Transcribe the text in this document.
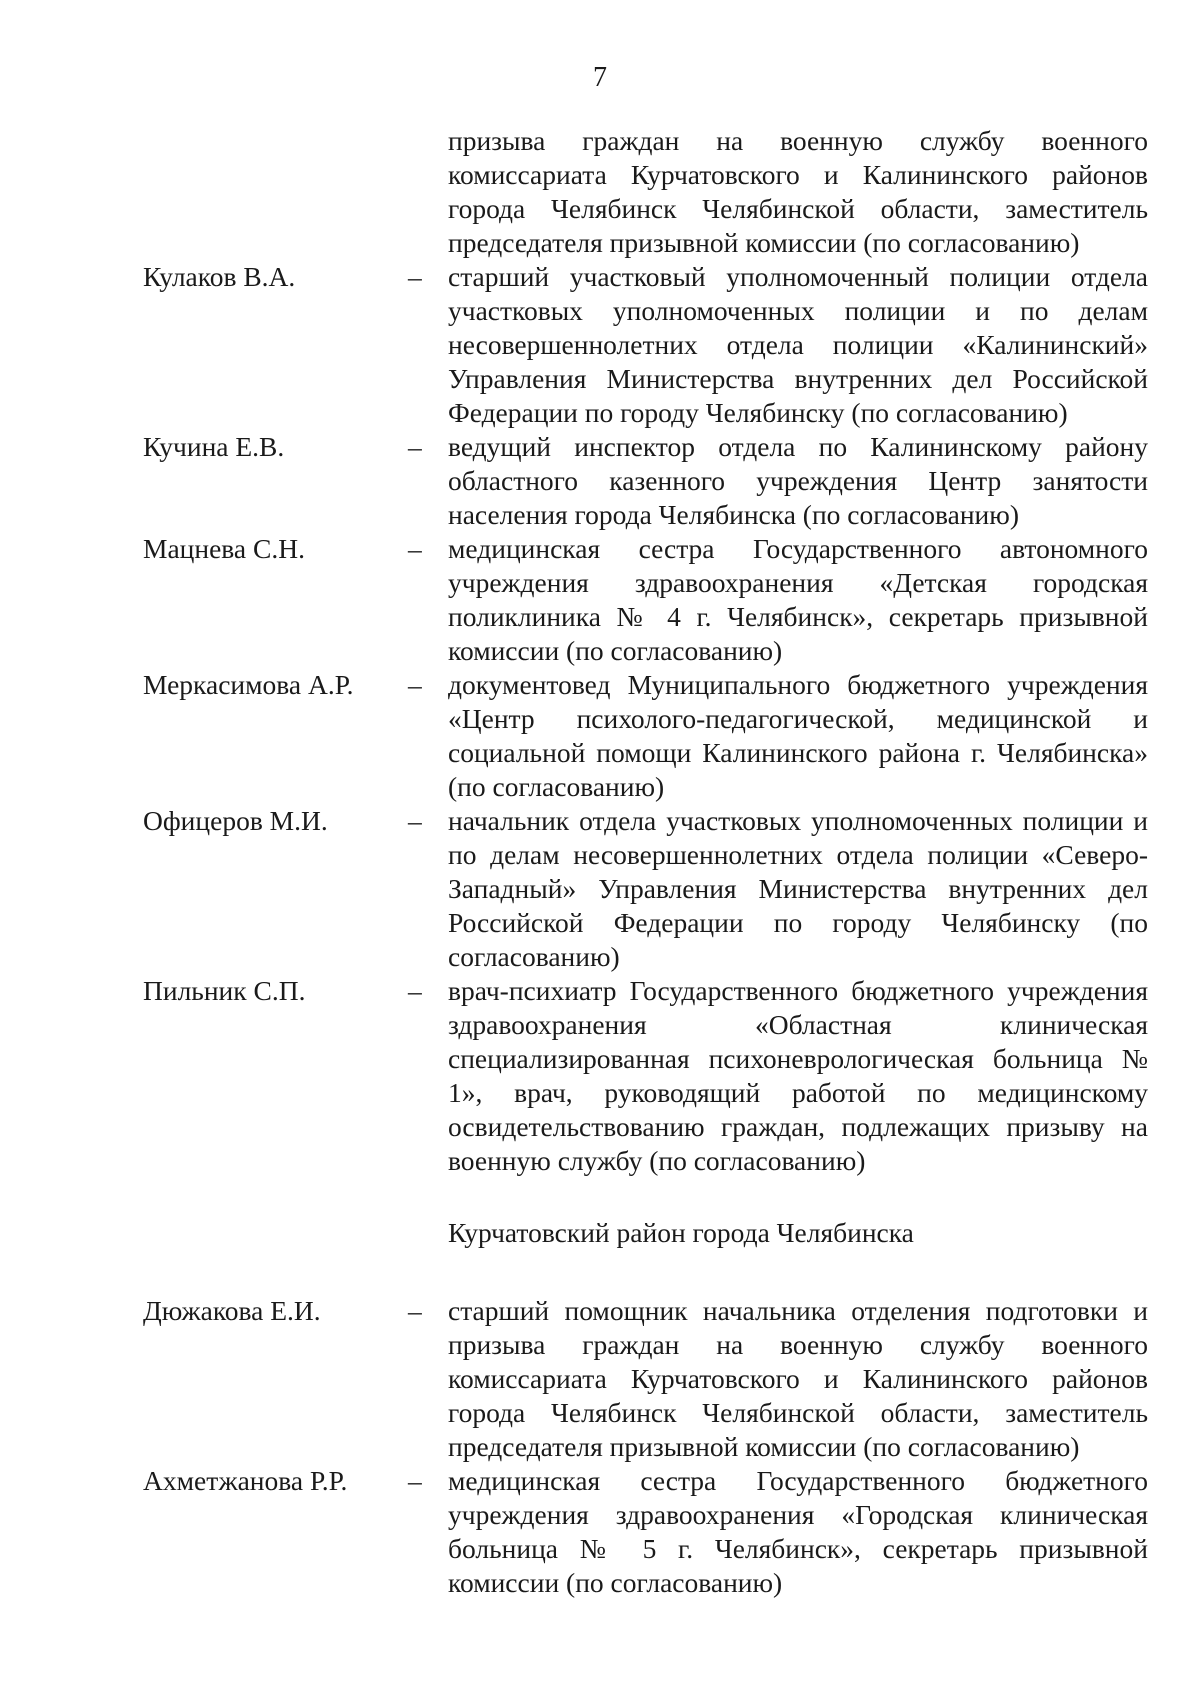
7
призыва граждан на военную службу военного комиссариата Курчатовского и Калининского районов города Челябинск Челябинской области, заместитель председателя призывной комиссии (по согласованию)
Кулаков В.А.	– старший участковый уполномоченный полиции отдела участковых уполномоченных полиции и по делам несовершеннолетних отдела полиции «Калининский» Управления Министерства внутренних дел Российской Федерации по городу Челябинску (по согласованию)
Кучина Е.В.	– ведущий инспектор отдела по Калининскому району областного казенного учреждения Центр занятости населения города Челябинска (по согласованию)
Мацнева С.Н.	– медицинская сестра Государственного автономного учреждения здравоохранения «Детская городская поликлиника № 4 г. Челябинск», секретарь призывной комиссии (по согласованию)
Меркасимова А.Р. – документовед Муниципального бюджетного учреждения «Центр психолого-педагогической, медицинской и социальной помощи Калининского района г. Челябинска» (по согласованию)
Офицеров М.И.	– начальник отдела участковых уполномоченных полиции и по делам несовершеннолетних отдела полиции «Северо-Западный» Управления Министерства внутренних дел Российской Федерации по городу Челябинску (по согласованию)
Пильник С.П.	– врач-психиатр Государственного бюджетного учреждения здравоохранения «Областная клиническая специализированная психоневрологическая больница № 1», врач, руководящий работой по медицинскому освидетельствованию граждан, подлежащих призыву на военную службу (по согласованию)
Курчатовский район города Челябинска
Дюжакова Е.И.	– старший помощник начальника отделения подготовки и призыва граждан на военную службу военного комиссариата Курчатовского и Калининского районов города Челябинск Челябинской области, заместитель председателя призывной комиссии (по согласованию)
Ахметжанова Р.Р. – медицинская сестра Государственного бюджетного учреждения здравоохранения «Городская клиническая больница № 5 г. Челябинск», секретарь призывной комиссии (по согласованию)
